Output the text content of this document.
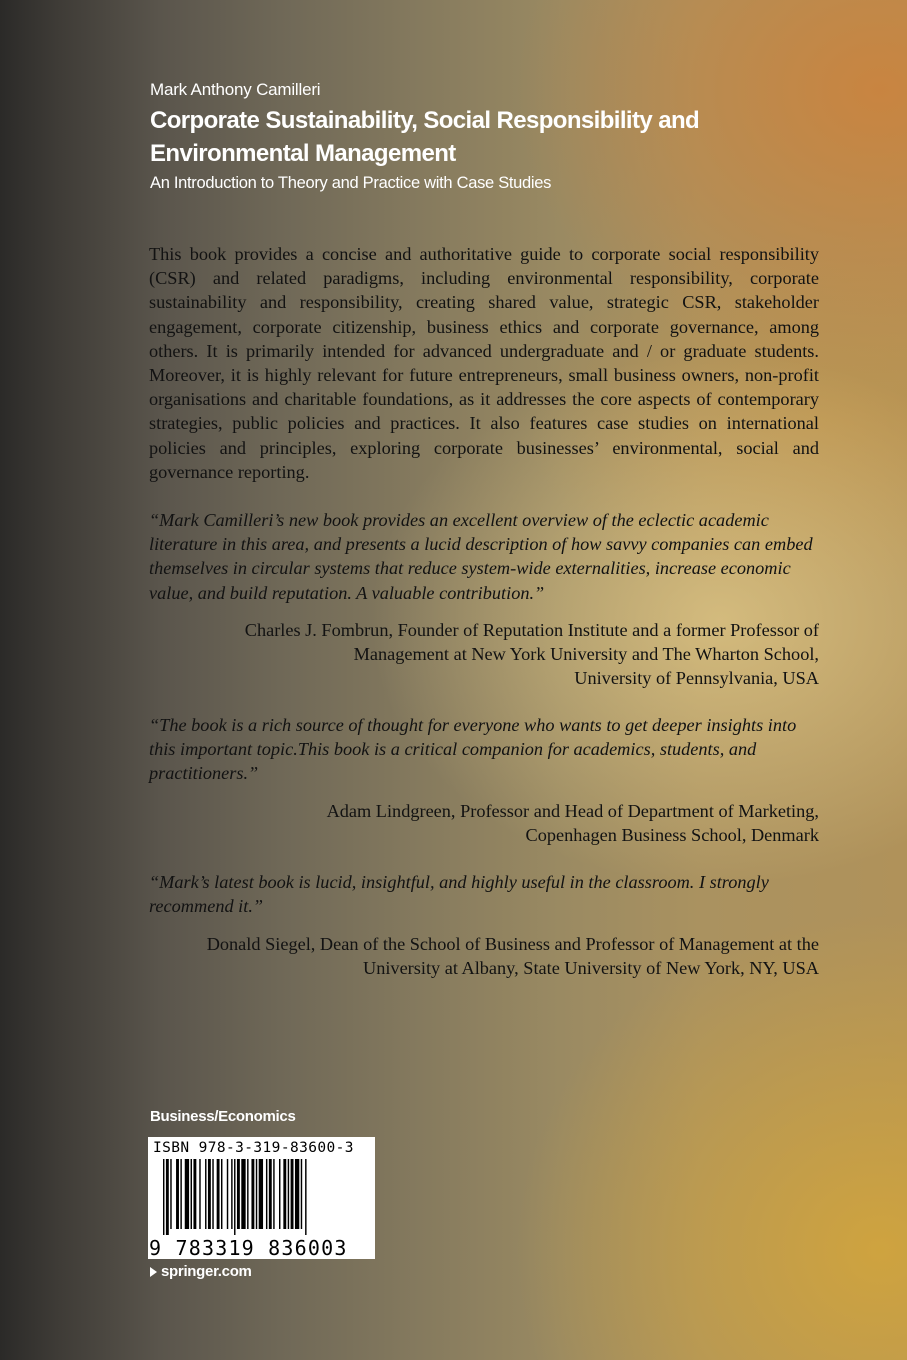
Mark Anthony Camilleri
Corporate Sustainability, Social Responsibility and Environmental Management
An Introduction to Theory and Practice with Case Studies
This book provides a concise and authoritative guide to corporate social responsibility (CSR) and related paradigms, including environmental responsibility, corporate sustainability and responsibility, creating shared value, strategic CSR, stakeholder engagement, corporate citizenship, business ethics and corporate governance, among others. It is primarily intended for advanced undergraduate and / or graduate students. Moreover, it is highly relevant for future entrepreneurs, small business owners, non-profit organisations and charitable foundations, as it addresses the core aspects of contemporary strategies, public policies and practices. It also features case studies on international policies and principles, exploring corporate businesses’ environmental, social and governance reporting.
“Mark Camilleri’s new book provides an excellent overview of the eclectic academic literature in this area, and presents a lucid description of how savvy companies can embed themselves in circular systems that reduce system-wide externalities, increase economic value, and build reputation. A valuable contribution.”
Charles J. Fombrun, Founder of Reputation Institute and a former Professor of
Management at New York University and The Wharton School,
University of Pennsylvania, USA
“The book is a rich source of thought for everyone who wants to get deeper insights into this important topic.This book is a critical companion for academics, students, and practitioners.”
Adam Lindgreen, Professor and Head of Department of Marketing,
Copenhagen Business School, Denmark
“Mark’s latest book is lucid, insightful, and highly useful in the classroom. I strongly recommend it.”
Donald Siegel, Dean of the School of Business and Professor of Management at the
University at Albany, State University of New York, NY, USA
Business/Economics
ISBN 978-3-319-83600-3
9 783319 836003
springer.com
